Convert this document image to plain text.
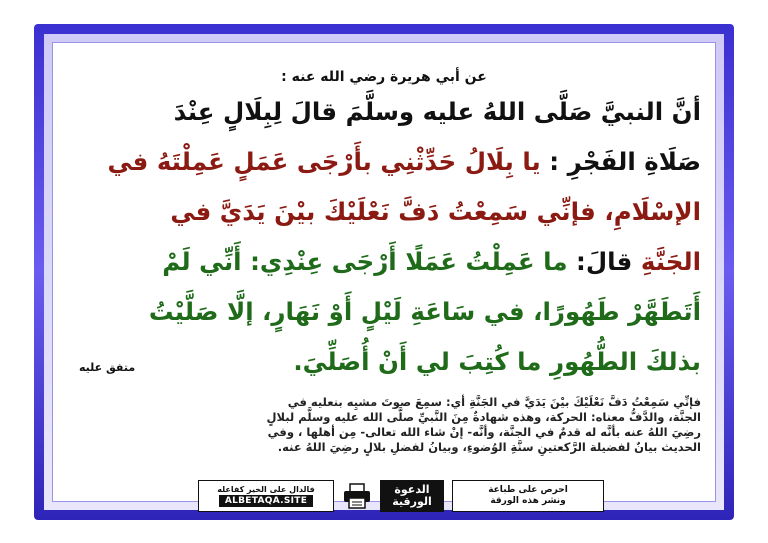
عن أبي هريرة رضي الله عنه :
أنَّ النبيَّ صَلَّى اللهُ عليه وسلَّمَ قالَ لِبِلَالٍ عِنْدَ
صَلَاةِ الفَجْرِ : يا بِلَالُ حَدِّثْنِي بأَرْجَى عَمَلٍ عَمِلْتَهُ في
الإسْلَامِ، فإنِّي سَمِعْتُ دَفَّ نَعْلَيْكَ بيْنَ يَدَيَّ في
الجَنَّةِ قالَ: ما عَمِلْتُ عَمَلًا أَرْجَى عِنْدِي: أَنِّي لَمْ
أَتَطَهَّرْ طَهُورًا، في سَاعَةِ لَيْلٍ أَوْ نَهَارٍ، إلَّا صَلَّيْتُ
بذلكَ الطُّهُورِ ما كُتِبَ لي أَنْ أُصَلِّيَ.
متفق عليه
فإنِّي سَمِعْتُ دَفَّ نَعْلَيْكَ بيْنَ يَدَيَّ في الجَنَّةِ أي: سمِعَ صوتَ مشيِه بنعليه في
الجنَّة، والدَّفُّ معناه: الحركة، وهذه شهادةٌ مِنَ النَّبيِّ صلَّى الله عليه وسلَّم لبلالٍ
رضِيَ اللهُ عنه بأنَّه له قدمٌ في الجنَّة، وأنَّه- إنْ شاء الله تعالى- مِن أهلها ، وفي
الحديث بيانٌ لفضيلة الرَّكعتينِ سنَّةِ الوُضوءِ، وبيانُ لفضلِ بلالٍ رضِيَ اللهُ عنه.
فالدال على الخير كفاعله
ALBETAQA.SITE
الدعوة
الورقية
احرص على طباعة
ونشر هذه الورقة
